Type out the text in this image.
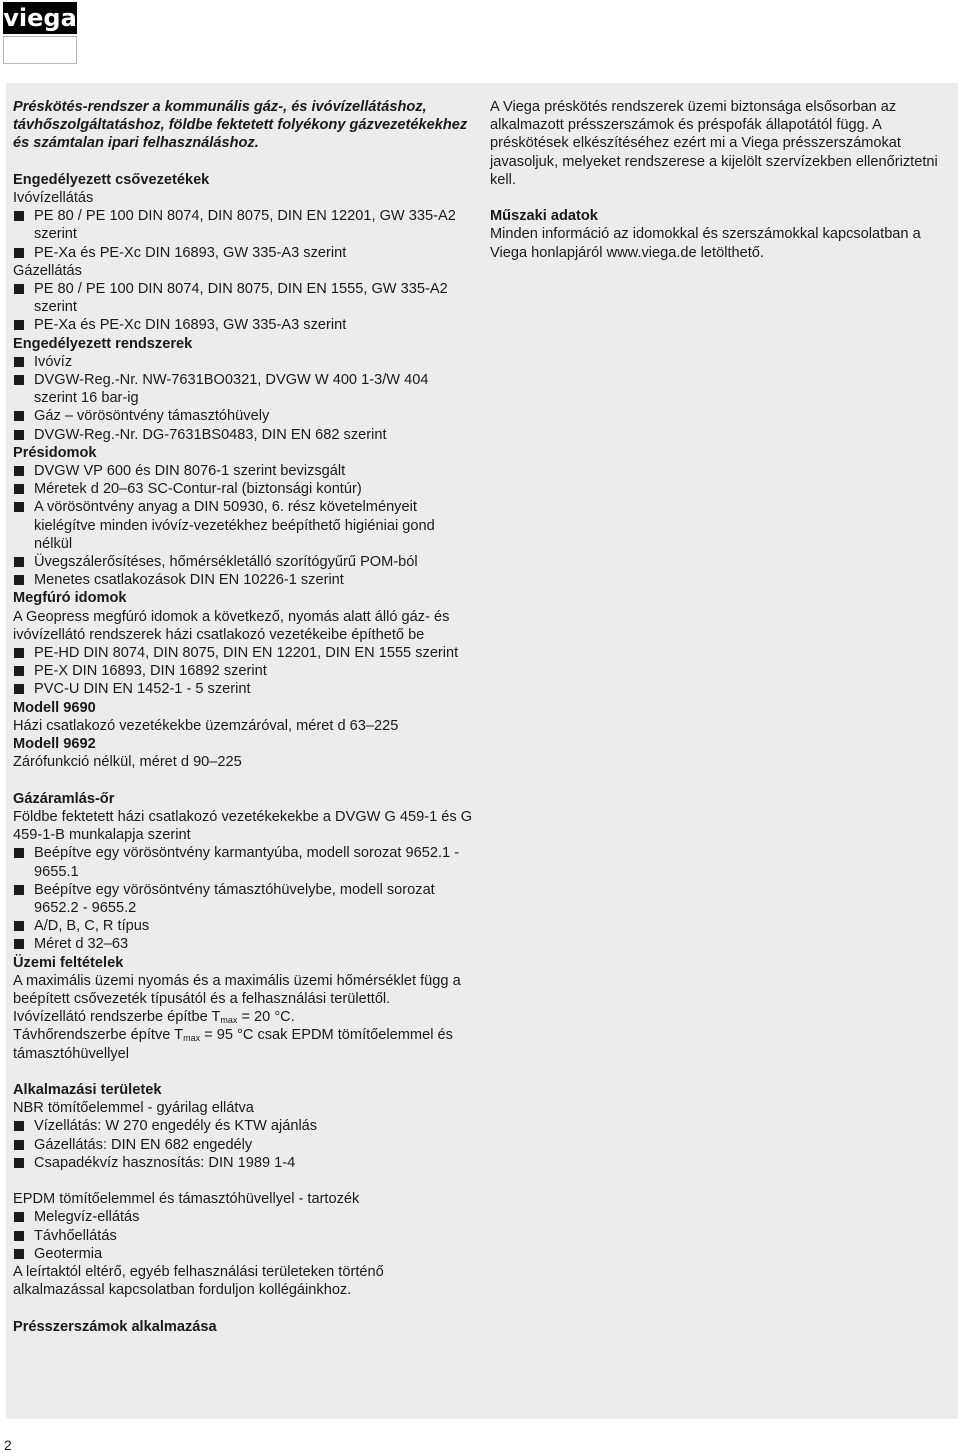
viega

Préskötés-rendszer a kommunális gáz-, és ivóvízellátáshoz, távhőszolgáltatáshoz, földbe fektetett folyékony gázvezetékekhez és számtalan ipari felhasználáshoz.

Engedélyezett csővezetékek

Ivóvízellátás

PE 80 / PE 100 DIN 8074, DIN 8075, DIN EN 12201, GW 335-A2 szerint

PE-Xa és PE-Xc DIN 16893, GW 335-A3 szerint

Gázellátás

PE 80 / PE 100 DIN 8074, DIN 8075, DIN EN 1555, GW 335-A2 szerint

PE-Xa és PE-Xc DIN 16893, GW 335-A3 szerint

Engedélyezett rendszerek

Ivóvíz

DVGW-Reg.-Nr. NW-7631BO0321, DVGW W 400 1-3/W 404 szerint 16 bar-ig

Gáz – vörösöntvény támasztóhüvely

DVGW-Reg.-Nr. DG-7631BS0483, DIN EN 682 szerint

Présidomok

DVGW VP 600 és DIN 8076-1 szerint bevizsgált

Méretek d 20–63 SC-Contur-ral (biztonsági kontúr)

A vörösöntvény anyag a DIN 50930, 6. rész követelményeit kielégítve minden ivóvíz-vezetékhez beépíthető higiéniai gond nélkül

Üvegszálerősítéses, hőmérsékletálló szorítógyűrű POM-ból

Menetes csatlakozások DIN EN 10226-1 szerint

Megfúró idomok

A Geopress megfúró idomok a következő, nyomás alatt álló gáz- és ivóvízellátó rendszerek házi csatlakozó vezetékeibe építhető be

PE-HD DIN 8074, DIN 8075, DIN EN 12201, DIN EN 1555 szerint

PE-X DIN 16893, DIN 16892 szerint

PVC-U DIN EN 1452-1 - 5 szerint

Modell 9690

Házi csatlakozó vezetékekbe üzemzáróval, méret d 63–225

Modell 9692

Zárófunkció nélkül, méret d 90–225

Gázáramlás-őr

Földbe fektetett házi csatlakozó vezetékekekbe a DVGW G 459-1 és G 459-1-B munkalapja szerint

Beépítve egy vörösöntvény karmantyúba, modell sorozat 9652.1 - 9655.1

Beépítve egy vörösöntvény támasztóhüvelybe, modell sorozat 9652.2 - 9655.2

A/D, B, C, R típus

Méret d 32–63

Üzemi feltételek

A maximális üzemi nyomás és a maximális üzemi hőmérséklet függ a beépített csővezeték típusától és a felhasználási területtől.

Ivóvízellátó rendszerbe építbe $T_{max} = 20$ °C.

Távhőrendszerbe építve $T_{max} = 95$ °C csak EPDM tömítőelemmel és támasztóhüvellyel

Alkalmazási területek

NBR tömítőelemmel - gyárilag ellátva

Vízellátás: W 270 engedély és KTW ajánlás

Gázellátás: DIN EN 682 engedély

Csapadékvíz hasznosítás: DIN 1989 1-4

EPDM tömítőelemmel és támasztóhüvellyel - tartozék

Melegvíz-ellátás

Távhőellátás

Geotermia

A leírtaktól eltérő, egyéb felhasználási területeken történő alkalmazással kapcsolatban forduljon kollégáinkhoz.

Présszerszámok alkalmazása

A Viega préskötés rendszerek üzemi biztonsága elsősorban az alkalmazott présszerszámok és préspofák állapotától függ. A préskötések elkészítéséhez ezért mi a Viega présszerszámokat javasoljuk, melyeket rendszerese a kijelölt szervízekben ellenőriztetni kell.

Műszaki adatok

Minden információ az idomokkal és szerszámokkal kapcsolatban a Viega honlapjáról www.viega.de letölthető.

2
